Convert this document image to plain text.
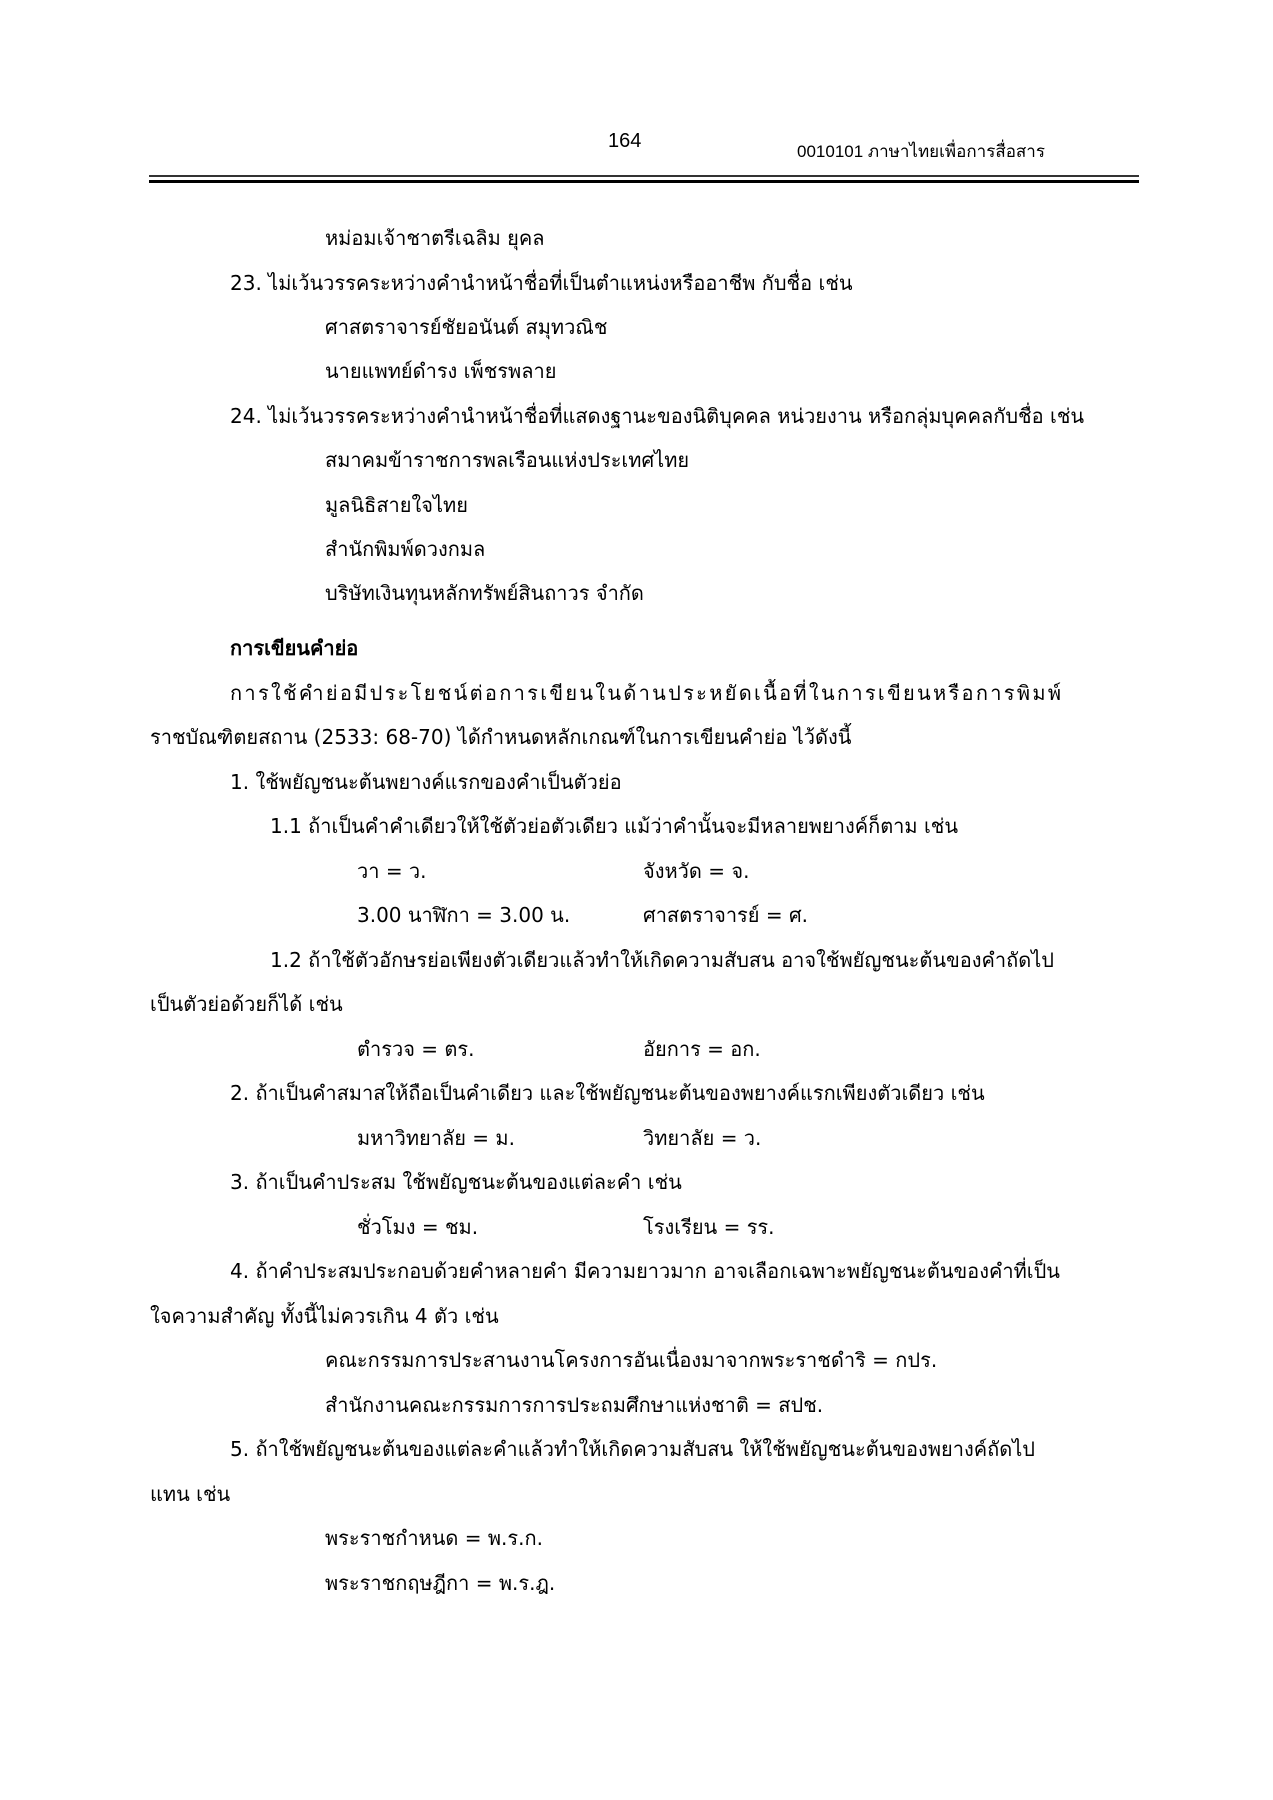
164	0010101 ภาษาไทยเพื่อการสื่อสาร
หม่อมเจ้าชาตรีเฉลิม ยุคล
23. ไม่เว้นวรรคระหว่างคำนำหน้าชื่อที่เป็นตำแหน่งหรืออาชีพ กับชื่อ เช่น
ศาสตราจารย์ชัยอนันต์ สมุทวณิช
นายแพทย์ดำรง เพ็ชรพลาย
24. ไม่เว้นวรรคระหว่างคำนำหน้าชื่อที่แสดงฐานะของนิติบุคคล หน่วยงาน หรือกลุ่มบุคคลกับชื่อ เช่น
สมาคมข้าราชการพลเรือนแห่งประเทศไทย
มูลนิธิสายใจไทย
สำนักพิมพ์ดวงกมล
บริษัทเงินทุนหลักทรัพย์สินถาวร จำกัด
การเขียนคำย่อ
การใช้คำย่อมีประโยชน์ต่อการเขียนในด้านประหยัดเนื้อที่ในการเขียนหรือการพิมพ์
ราชบัณฑิตยสถาน (2533: 68-70) ได้กำหนดหลักเกณฑ์ในการเขียนคำย่อ ไว้ดังนี้
1. ใช้พยัญชนะต้นพยางค์แรกของคำเป็นตัวย่อ
1.1 ถ้าเป็นคำคำเดียวให้ใช้ตัวย่อตัวเดียว แม้ว่าคำนั้นจะมีหลายพยางค์ก็ตาม เช่น
วา = ว.	จังหวัด = จ.
3.00 นาฬิกา = 3.00 น.	ศาสตราจารย์ = ศ.
1.2 ถ้าใช้ตัวอักษรย่อเพียงตัวเดียวแล้วทำให้เกิดความสับสน อาจใช้พยัญชนะต้นของคำถัดไป
เป็นตัวย่อด้วยก็ได้ เช่น
ตำรวจ = ตร.	อัยการ = อก.
2. ถ้าเป็นคำสมาสให้ถือเป็นคำเดียว และใช้พยัญชนะต้นของพยางค์แรกเพียงตัวเดียว เช่น
มหาวิทยาลัย = ม.	วิทยาลัย = ว.
3. ถ้าเป็นคำประสม ใช้พยัญชนะต้นของแต่ละคำ เช่น
ชั่วโมง = ชม.	โรงเรียน = รร.
4. ถ้าคำประสมประกอบด้วยคำหลายคำ มีความยาวมาก อาจเลือกเฉพาะพยัญชนะต้นของคำที่เป็น
ใจความสำคัญ ทั้งนี้ไม่ควรเกิน 4 ตัว เช่น
คณะกรรมการประสานงานโครงการอันเนื่องมาจากพระราชดำริ = กปร.
สำนักงานคณะกรรมการการประถมศึกษาแห่งชาติ = สปช.
5. ถ้าใช้พยัญชนะต้นของแต่ละคำแล้วทำให้เกิดความสับสน ให้ใช้พยัญชนะต้นของพยางค์ถัดไป
แทน เช่น
พระราชกำหนด = พ.ร.ก.
พระราชกฤษฎีกา = พ.ร.ฎ.
